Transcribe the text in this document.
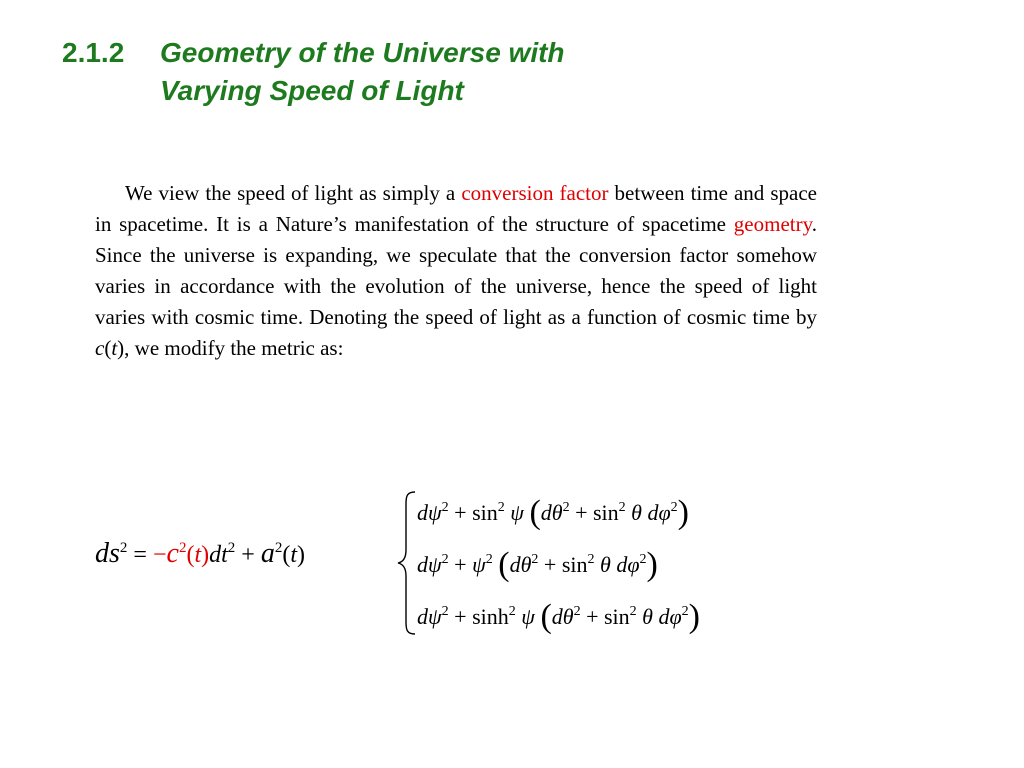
2.1.2 Geometry of the Universe with
Varying Speed of Light

We view the speed of light as simply a conversion factor between time and space in spacetime. It is a Nature’s manifestation of the structure of spacetime geometry. Since the universe is expanding, we speculate that the conversion factor somehow varies in accordance with the evolution of the universe, hence the speed of light varies with cosmic time. Denoting the speed of light as a function of cosmic time by c(t), we modify the metric as:

$ds^2 = -c^2(t)dt^2 + a^2(t)$
$d\psi^2 + \sin^2 \psi$ ($d\theta^2 + \sin^2 \theta$ $d\varphi^2$)
$d\psi^2 + \psi^2$ ($d\theta^2 + \sin^2 \theta$ $d\varphi^2$)
$d\psi^2 + \sinh^2 \psi$ ($d\theta^2 + \sin^2 \theta$ $d\varphi^2$)
